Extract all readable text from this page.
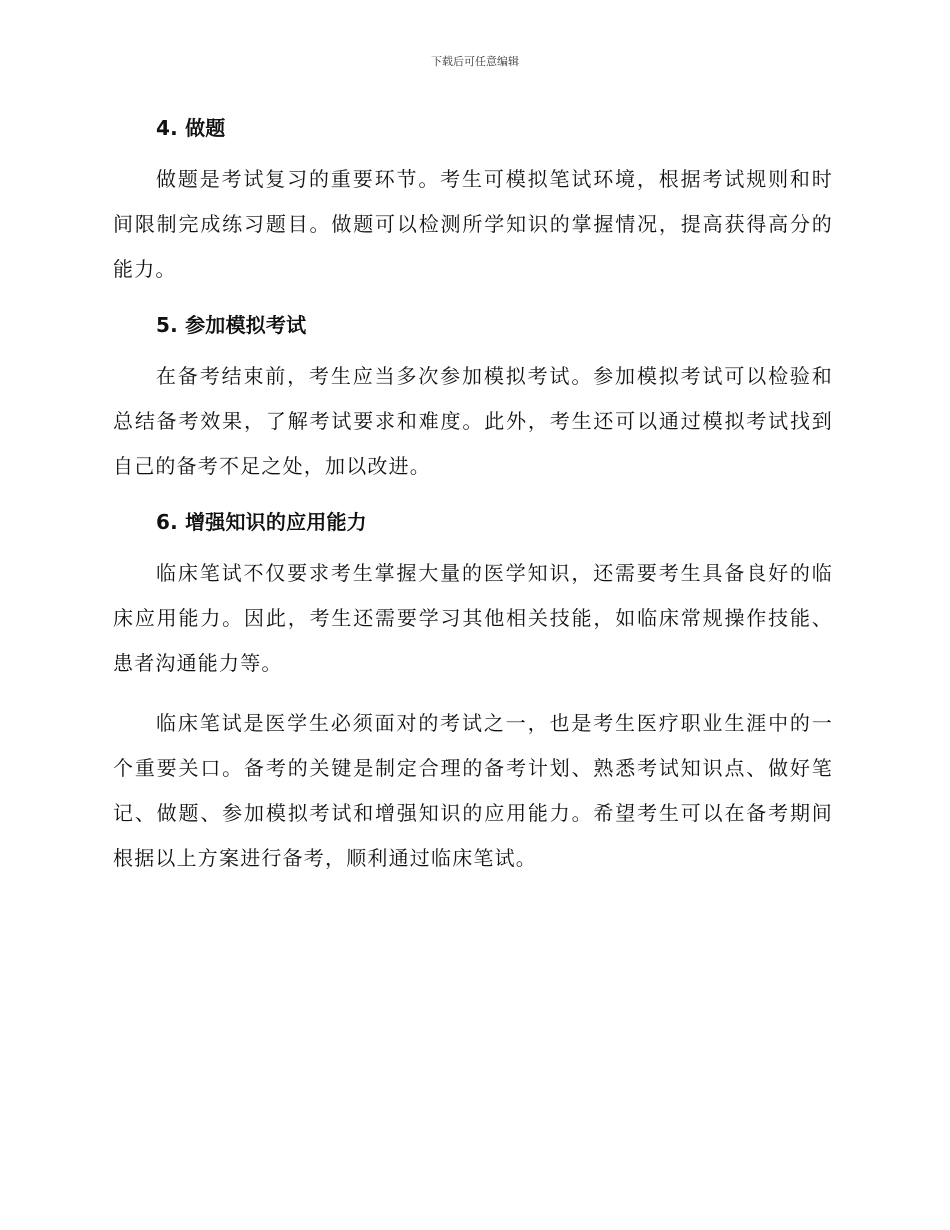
下载后可任意编辑
4. 做题

做题是考试复习的重要环节。考生可模拟笔试环境，根据考试规则和时间限制完成练习题目。做题可以检测所学知识的掌握情况，提高获得高分的能力。

5. 参加模拟考试

在备考结束前，考生应当多次参加模拟考试。参加模拟考试可以检验和总结备考效果，了解考试要求和难度。此外，考生还可以通过模拟考试找到自己的备考不足之处，加以改进。

6. 增强知识的应用能力

临床笔试不仅要求考生掌握大量的医学知识，还需要考生具备良好的临床应用能力。因此，考生还需要学习其他相关技能，如临床常规操作技能、患者沟通能力等。

临床笔试是医学生必须面对的考试之一，也是考生医疗职业生涯中的一个重要关口。备考的关键是制定合理的备考计划、熟悉考试知识点、做好笔记、做题、参加模拟考试和增强知识的应用能力。希望考生可以在备考期间根据以上方案进行备考，顺利通过临床笔试。
